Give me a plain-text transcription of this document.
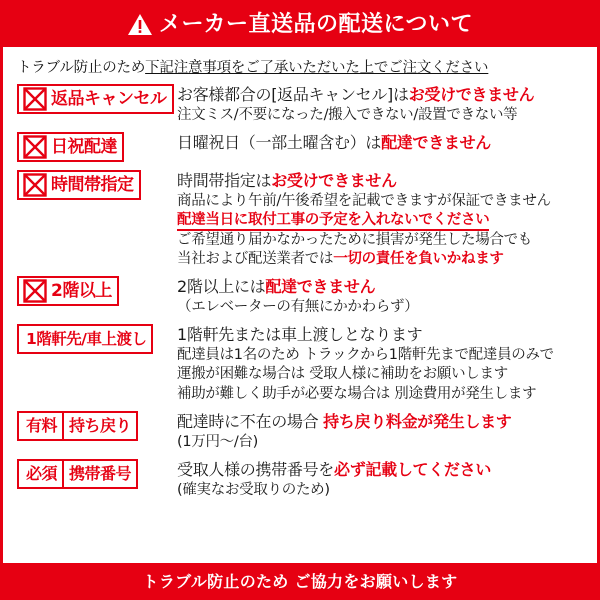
メーカー直送品の配送について
トラブル防止のため下記注意事項をご了承いただいた上でご注文ください
返品キャンセル お客様都合の[返品キャンセル]はお受けできません
注文ミス/不要になった/搬入できない/設置できない等
日祝配達	日曜祝日（一部土曜含む）は配達できません
時間帯指定	時間帯指定はお受けできません
商品により午前/午後希望を記載できますが保証できません
配達当日に取付工事の予定を入れないでください
ご希望通り届かなかったために損害が発生した場合でも
当社および配送業者では一切の責任を負いかねます
2階以上	2階以上には配達できません
（エレベーターの有無にかかわらず）
1階軒先/車上渡し 1階軒先または車上渡しとなります
配達員は1名のため トラックから1階軒先まで配達員のみで
運搬が困難な場合は 受取人様に補助をお願いします
補助が難しく助手が必要な場合は 別途費用が発生します
有料 持ち戻り	配達時に不在の場合 持ち戻り料金が発生します
(1万円〜/台)
必須 携帯番号	受取人様の携帯番号を必ず記載してください
(確実なお受取りのため)
トラブル防止のため ご協力をお願いします
